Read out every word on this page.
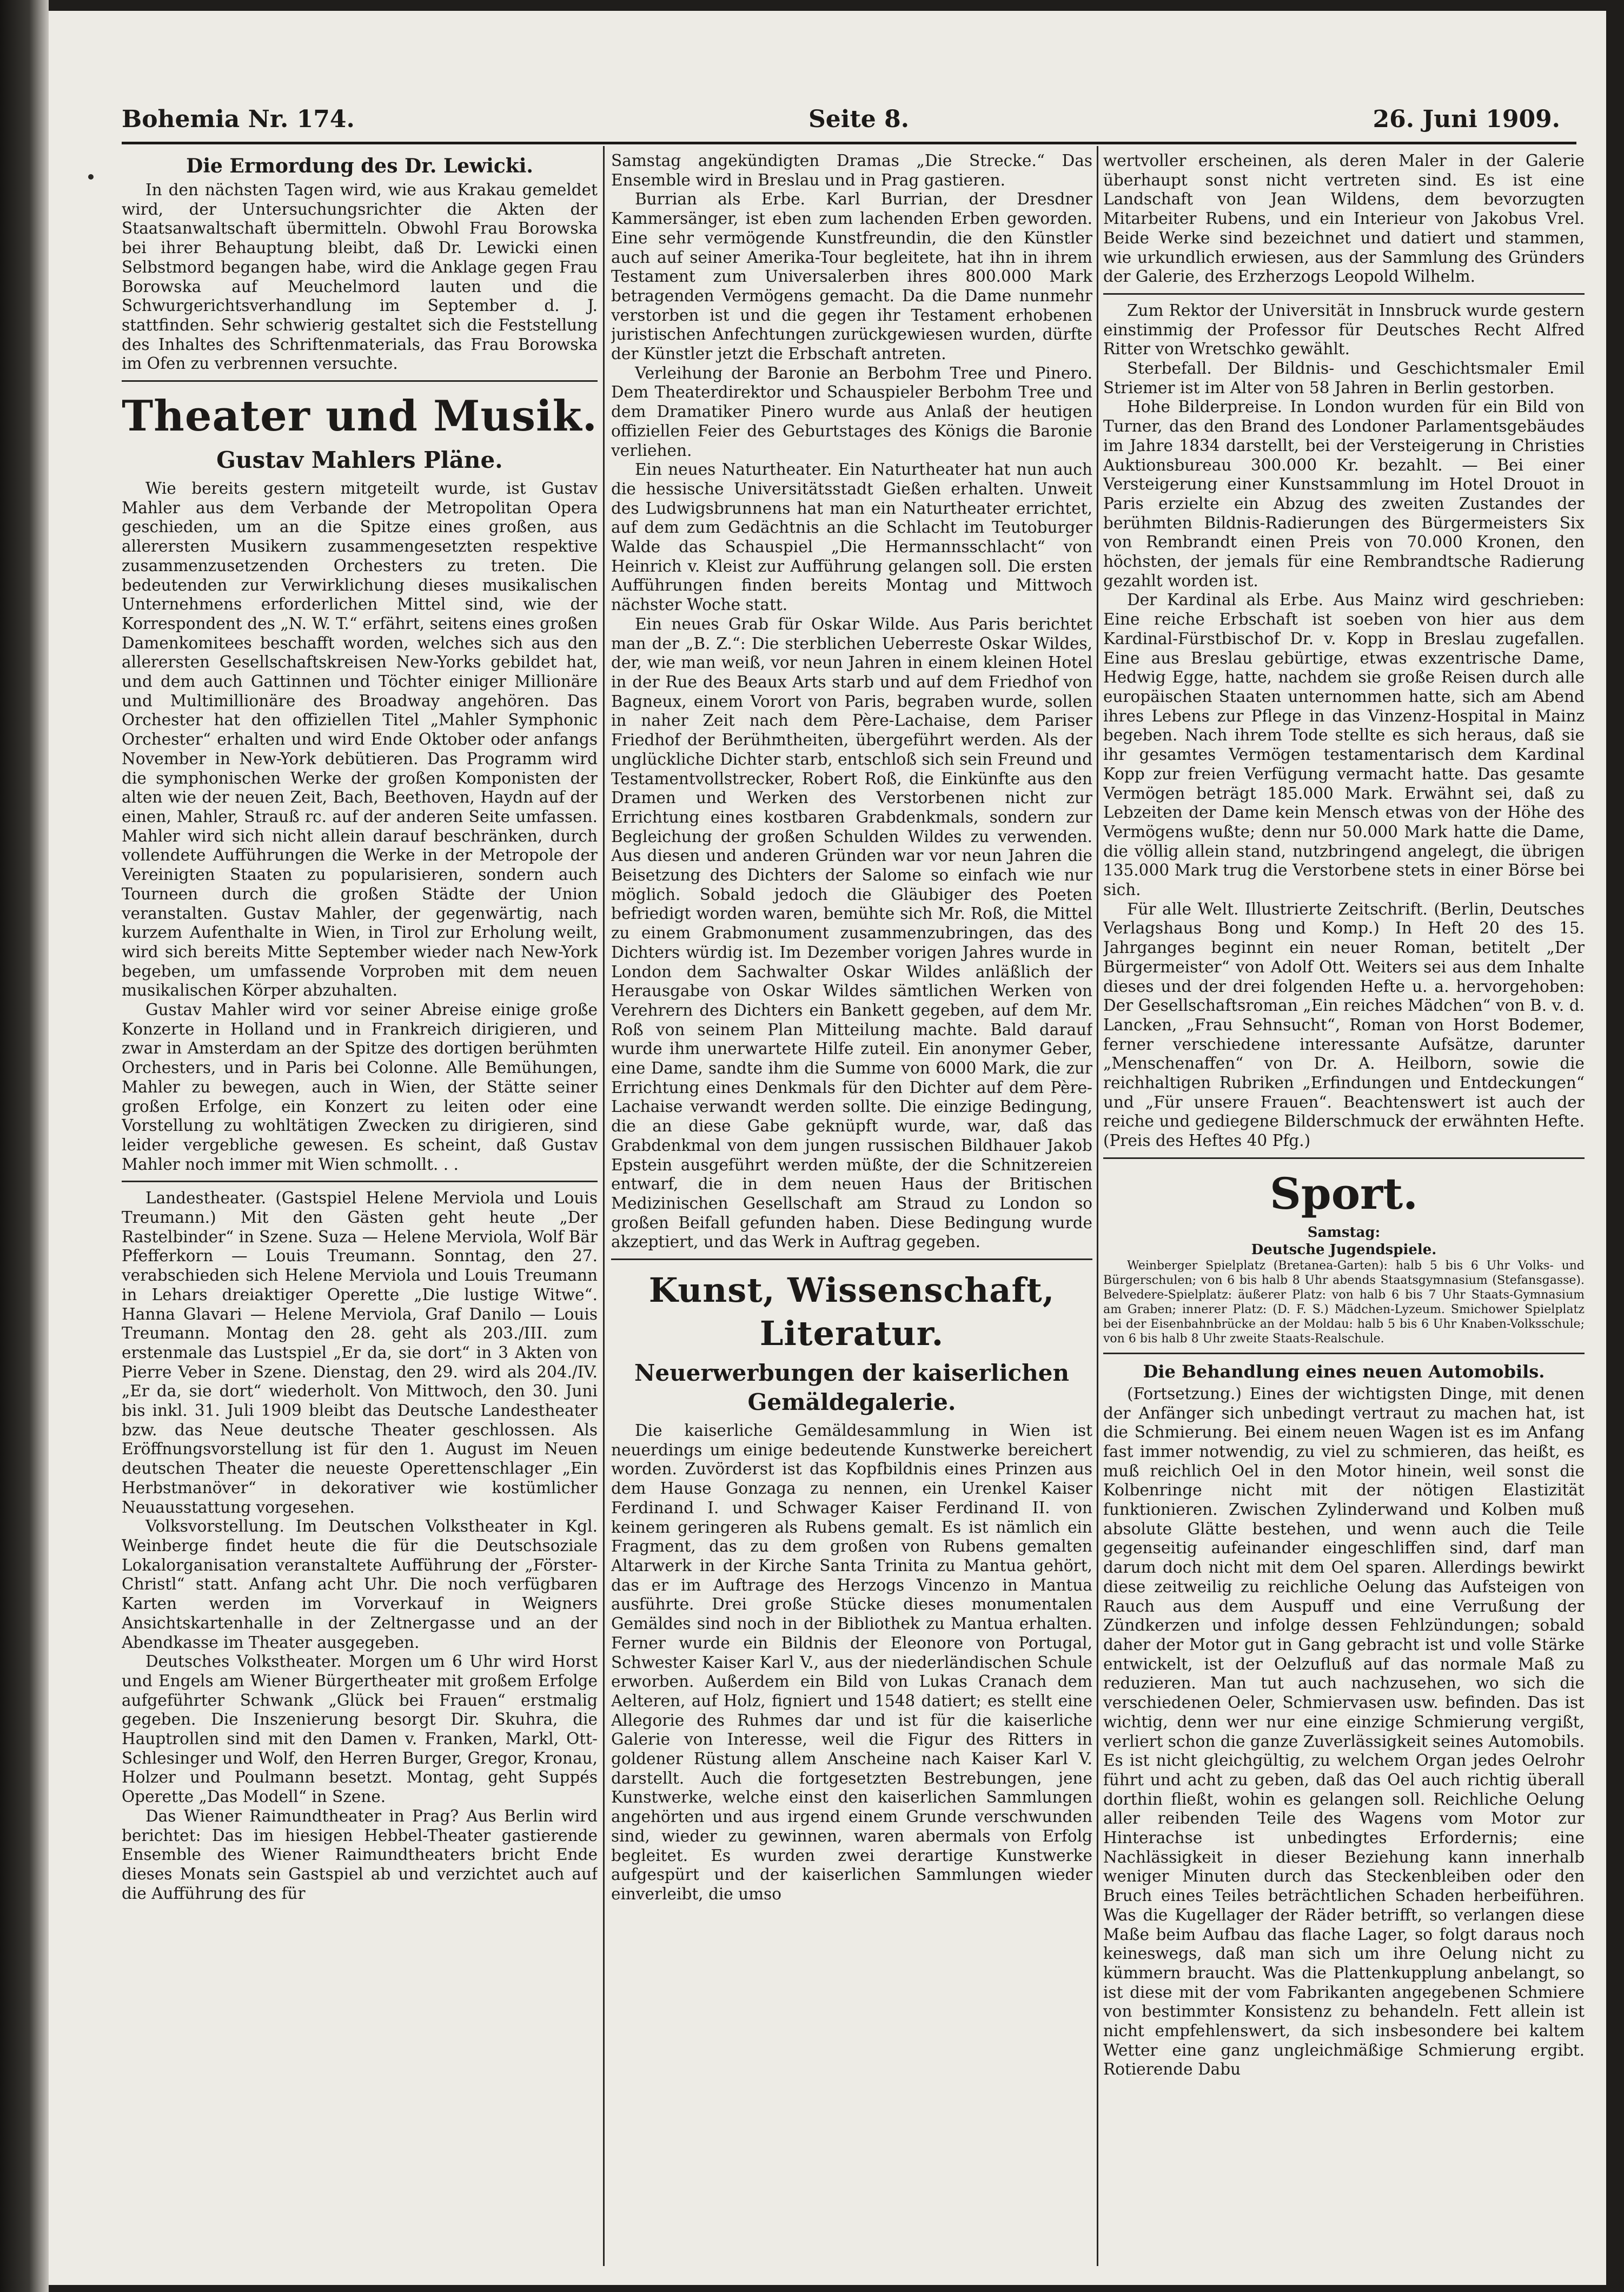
Bohemia Nr. 174.	Seite 8.	26. Juni 1909.
Die Ermordung des Dr. Lewicki.

In den nächsten Tagen wird, wie aus Krakau gemeldet wird, der Untersuchungsrichter die Akten der Staatsanwaltschaft übermitteln. Obwohl Frau Borowska bei ihrer Behauptung bleibt, daß Dr. Lewicki einen Selbstmord begangen habe, wird die Anklage gegen Frau Borowska auf Meuchelmord lauten und die Schwurgerichtsverhandlung im September d. J. stattfinden. Sehr schwierig gestaltet sich die Feststellung des Inhaltes des Schriftenmaterials, das Frau Borowska im Ofen zu verbrennen versuchte.

Theater und Musik.
Gustav Mahlers Pläne.

Wie bereits gestern mitgeteilt wurde, ist Gustav Mahler aus dem Verbande der Metropolitan Opera geschieden, um an die Spitze eines großen, aus allerersten Musikern zusammengesetzten respektive zusammenzusetzenden Orchesters zu treten. Die bedeutenden zur Verwirklichung dieses musikalischen Unternehmens erforderlichen Mittel sind, wie der Korrespondent des „N. W. T.“ erfährt, seitens eines großen Damenkomitees beschafft worden, welches sich aus den allerersten Gesellschaftskreisen New-Yorks gebildet hat, und dem auch Gattinnen und Töchter einiger Millionäre und Multimillionäre des Broadway angehören. Das Orchester hat den offiziellen Titel „Mahler Symphonic Orchester“ erhalten und wird Ende Oktober oder anfangs November in New-York debütieren. Das Programm wird die symphonischen Werke der großen Komponisten der alten wie der neuen Zeit, Bach, Beethoven, Haydn auf der einen, Mahler, Strauß rc. auf der anderen Seite umfassen. Mahler wird sich nicht allein darauf beschränken, durch vollendete Aufführungen die Werke in der Metropole der Vereinigten Staaten zu popularisieren, sondern auch Tourneen durch die großen Städte der Union veranstalten. Gustav Mahler, der gegenwärtig, nach kurzem Aufenthalte in Wien, in Tirol zur Erholung weilt, wird sich bereits Mitte September wieder nach New-York begeben, um umfassende Vorproben mit dem neuen musikalischen Körper abzuhalten.

Gustav Mahler wird vor seiner Abreise einige große Konzerte in Holland und in Frankreich dirigieren, und zwar in Amsterdam an der Spitze des dortigen berühmten Orchesters, und in Paris bei Colonne. Alle Bemühungen, Mahler zu bewegen, auch in Wien, der Stätte seiner großen Erfolge, ein Konzert zu leiten oder eine Vorstellung zu wohltätigen Zwecken zu dirigieren, sind leider vergebliche gewesen. Es scheint, daß Gustav Mahler noch immer mit Wien schmollt. . .

Landestheater. (Gastspiel Helene Merviola und Louis Treumann.) Mit den Gästen geht heute „Der Rastelbinder“ in Szene. Suza — Helene Merviola, Wolf Bär Pfefferkorn — Louis Treumann. Sonntag, den 27. verabschieden sich Helene Merviola und Louis Treumann in Lehars dreiaktiger Operette „Die lustige Witwe“. Hanna Glavari — Helene Merviola, Graf Danilo — Louis Treumann. Montag den 28. geht als 203./III. zum erstenmale das Lustspiel „Er da, sie dort“ in 3 Akten von Pierre Veber in Szene. Dienstag, den 29. wird als 204./IV. „Er da, sie dort“ wiederholt. Von Mittwoch, den 30. Juni bis inkl. 31. Juli 1909 bleibt das Deutsche Landestheater bzw. das Neue deutsche Theater geschlossen. Als Eröffnungsvorstellung ist für den 1. August im Neuen deutschen Theater die neueste Operettenschlager „Ein Herbstmanöver“ in dekorativer wie kostümlicher Neuausstattung vorgesehen.

Volksvorstellung. Im Deutschen Volkstheater in Kgl. Weinberge findet heute die für die Deutschsoziale Lokalorganisation veranstaltete Aufführung der „Förster-Christl“ statt. Anfang acht Uhr. Die noch verfügbaren Karten werden im Vorverkauf in Weigners Ansichtskartenhalle in der Zeltnergasse und an der Abendkasse im Theater ausgegeben.

Deutsches Volkstheater. Morgen um 6 Uhr wird Horst und Engels am Wiener Bürgertheater mit großem Erfolge aufgeführter Schwank „Glück bei Frauen“ erstmalig gegeben. Die Inszenierung besorgt Dir. Skuhra, die Hauptrollen sind mit den Damen v. Franken, Markl, Ott-Schlesinger und Wolf, den Herren Burger, Gregor, Kronau, Holzer und Poulmann besetzt. Montag, geht Suppés Operette „Das Modell“ in Szene.

Das Wiener Raimundtheater in Prag? Aus Berlin wird berichtet: Das im hiesigen Hebbel-Theater gastierende Ensemble des Wiener Raimundtheaters bricht Ende dieses Monats sein Gastspiel ab und verzichtet auch auf die Aufführung des für

Samstag angekündigten Dramas „Die Strecke.“ Das Ensemble wird in Breslau und in Prag gastieren.

Burrian als Erbe. Karl Burrian, der Dresdner Kammersänger, ist eben zum lachenden Erben geworden. Eine sehr vermögende Kunstfreundin, die den Künstler auch auf seiner Amerika-Tour begleitete, hat ihn in ihrem Testament zum Universalerben ihres 800.000 Mark betragenden Vermögens gemacht. Da die Dame nunmehr verstorben ist und die gegen ihr Testament erhobenen juristischen Anfechtungen zurückgewiesen wurden, dürfte der Künstler jetzt die Erbschaft antreten.

Verleihung der Baronie an Berbohm Tree und Pinero. Dem Theaterdirektor und Schauspieler Berbohm Tree und dem Dramatiker Pinero wurde aus Anlaß der heutigen offiziellen Feier des Geburtstages des Königs die Baronie verliehen.

Ein neues Naturtheater. Ein Naturtheater hat nun auch die hessische Universitätsstadt Gießen erhalten. Unweit des Ludwigsbrunnens hat man ein Naturtheater errichtet, auf dem zum Gedächtnis an die Schlacht im Teutoburger Walde das Schauspiel „Die Hermannsschlacht“ von Heinrich v. Kleist zur Aufführung gelangen soll. Die ersten Aufführungen finden bereits Montag und Mittwoch nächster Woche statt.

Ein neues Grab für Oskar Wilde. Aus Paris berichtet man der „B. Z.“: Die sterblichen Ueberreste Oskar Wildes, der, wie man weiß, vor neun Jahren in einem kleinen Hotel in der Rue des Beaux Arts starb und auf dem Friedhof von Bagneux, einem Vorort von Paris, begraben wurde, sollen in naher Zeit nach dem Père-Lachaise, dem Pariser Friedhof der Berühmtheiten, übergeführt werden. Als der unglückliche Dichter starb, entschloß sich sein Freund und Testamentvollstrecker, Robert Roß, die Einkünfte aus den Dramen und Werken des Verstorbenen nicht zur Errichtung eines kostbaren Grabdenkmals, sondern zur Begleichung der großen Schulden Wildes zu verwenden. Aus diesen und anderen Gründen war vor neun Jahren die Beisetzung des Dichters der Salome so einfach wie nur möglich. Sobald jedoch die Gläubiger des Poeten befriedigt worden waren, bemühte sich Mr. Roß, die Mittel zu einem Grabmonument zusammenzubringen, das des Dichters würdig ist. Im Dezember vorigen Jahres wurde in London dem Sachwalter Oskar Wildes anläßlich der Herausgabe von Oskar Wildes sämtlichen Werken von Verehrern des Dichters ein Bankett gegeben, auf dem Mr. Roß von seinem Plan Mitteilung machte. Bald darauf wurde ihm unerwartete Hilfe zuteil. Ein anonymer Geber, eine Dame, sandte ihm die Summe von 6000 Mark, die zur Errichtung eines Denkmals für den Dichter auf dem Père-Lachaise verwandt werden sollte. Die einzige Bedingung, die an diese Gabe geknüpft wurde, war, daß das Grabdenkmal von dem jungen russischen Bildhauer Jakob Epstein ausgeführt werden müßte, der die Schnitzereien entwarf, die in dem neuen Haus der Britischen Medizinischen Gesellschaft am Straud zu London so großen Beifall gefunden haben. Diese Bedingung wurde akzeptiert, und das Werk in Auftrag gegeben.

Kunst, Wissenschaft, Literatur.
Neuerwerbungen der kaiserlichen Gemäldegalerie.

Die kaiserliche Gemäldesammlung in Wien ist neuerdings um einige bedeutende Kunstwerke bereichert worden. Zuvörderst ist das Kopfbildnis eines Prinzen aus dem Hause Gonzaga zu nennen, ein Urenkel Kaiser Ferdinand I. und Schwager Kaiser Ferdinand II. von keinem geringeren als Rubens gemalt. Es ist nämlich ein Fragment, das zu dem großen von Rubens gemalten Altarwerk in der Kirche Santa Trinita zu Mantua gehört, das er im Auftrage des Herzogs Vincenzo in Mantua ausführte. Drei große Stücke dieses monumentalen Gemäldes sind noch in der Bibliothek zu Mantua erhalten. Ferner wurde ein Bildnis der Eleonore von Portugal, Schwester Kaiser Karl V., aus der niederländischen Schule erworben. Außerdem ein Bild von Lukas Cranach dem Aelteren, auf Holz, figniert und 1548 datiert; es stellt eine Allegorie des Ruhmes dar und ist für die kaiserliche Galerie von Interesse, weil die Figur des Ritters in goldener Rüstung allem Anscheine nach Kaiser Karl V. darstellt. Auch die fortgesetzten Bestrebungen, jene Kunstwerke, welche einst den kaiserlichen Sammlungen angehörten und aus irgend einem Grunde verschwunden sind, wieder zu gewinnen, waren abermals von Erfolg begleitet. Es wurden zwei derartige Kunstwerke aufgespürt und der kaiserlichen Sammlungen wieder einverleibt, die umso

wertvoller erscheinen, als deren Maler in der Galerie überhaupt sonst nicht vertreten sind. Es ist eine Landschaft von Jean Wildens, dem bevorzugten Mitarbeiter Rubens, und ein Interieur von Jakobus Vrel. Beide Werke sind bezeichnet und datiert und stammen, wie urkundlich erwiesen, aus der Sammlung des Gründers der Galerie, des Erzherzogs Leopold Wilhelm.

Zum Rektor der Universität in Innsbruck wurde gestern einstimmig der Professor für Deutsches Recht Alfred Ritter von Wretschko gewählt.

Sterbefall. Der Bildnis- und Geschichtsmaler Emil Striemer ist im Alter von 58 Jahren in Berlin gestorben.

Hohe Bilderpreise. In London wurden für ein Bild von Turner, das den Brand des Londoner Parlamentsgebäudes im Jahre 1834 darstellt, bei der Versteigerung in Christies Auktionsbureau 300.000 Kr. bezahlt. — Bei einer Versteigerung einer Kunstsammlung im Hotel Drouot in Paris erzielte ein Abzug des zweiten Zustandes der berühmten Bildnis-Radierungen des Bürgermeisters Six von Rembrandt einen Preis von 70.000 Kronen, den höchsten, der jemals für eine Rembrandtsche Radierung gezahlt worden ist.

Der Kardinal als Erbe. Aus Mainz wird geschrieben: Eine reiche Erbschaft ist soeben von hier aus dem Kardinal-Fürstbischof Dr. v. Kopp in Breslau zugefallen. Eine aus Breslau gebürtige, etwas exzentrische Dame, Hedwig Egge, hatte, nachdem sie große Reisen durch alle europäischen Staaten unternommen hatte, sich am Abend ihres Lebens zur Pflege in das Vinzenz-Hospital in Mainz begeben. Nach ihrem Tode stellte es sich heraus, daß sie ihr gesamtes Vermögen testamentarisch dem Kardinal Kopp zur freien Verfügung vermacht hatte. Das gesamte Vermögen beträgt 185.000 Mark. Erwähnt sei, daß zu Lebzeiten der Dame kein Mensch etwas von der Höhe des Vermögens wußte; denn nur 50.000 Mark hatte die Dame, die völlig allein stand, nutzbringend angelegt, die übrigen 135.000 Mark trug die Verstorbene stets in einer Börse bei sich.

Für alle Welt. Illustrierte Zeitschrift. (Berlin, Deutsches Verlagshaus Bong und Komp.) In Heft 20 des 15. Jahrganges beginnt ein neuer Roman, betitelt „Der Bürgermeister“ von Adolf Ott. Weiters sei aus dem Inhalte dieses und der drei folgenden Hefte u. a. hervorgehoben: Der Gesellschaftsroman „Ein reiches Mädchen“ von B. v. d. Lancken, „Frau Sehnsucht“, Roman von Horst Bodemer, ferner verschiedene interessante Aufsätze, darunter „Menschenaffen“ von Dr. A. Heilborn, sowie die reichhaltigen Rubriken „Erfindungen und Entdeckungen“ und „Für unsere Frauen“. Beachtenswert ist auch der reiche und gediegene Bilderschmuck der erwähnten Hefte. (Preis des Heftes 40 Pfg.)

Sport.
Samstag:
Deutsche Jugendspiele.

Weinberger Spielplatz (Bretanea-Garten): halb 5 bis 6 Uhr Volks- und Bürgerschulen; von 6 bis halb 8 Uhr abends Staatsgymnasium (Stefansgasse). Belvedere-Spielplatz: äußerer Platz: von halb 6 bis 7 Uhr Staats-Gymnasium am Graben; innerer Platz: (D. F. S.) Mädchen-Lyzeum. Smichower Spielplatz bei der Eisenbahnbrücke an der Moldau: halb 5 bis 6 Uhr Knaben-Volksschule; von 6 bis halb 8 Uhr zweite Staats-Realschule.

Die Behandlung eines neuen Automobils.

(Fortsetzung.) Eines der wichtigsten Dinge, mit denen der Anfänger sich unbedingt vertraut zu machen hat, ist die Schmierung. Bei einem neuen Wagen ist es im Anfang fast immer notwendig, zu viel zu schmieren, das heißt, es muß reichlich Oel in den Motor hinein, weil sonst die Kolbenringe nicht mit der nötigen Elastizität funktionieren. Zwischen Zylinderwand und Kolben muß absolute Glätte bestehen, und wenn auch die Teile gegenseitig aufeinander eingeschliffen sind, darf man darum doch nicht mit dem Oel sparen. Allerdings bewirkt diese zeitweilig zu reichliche Oelung das Aufsteigen von Rauch aus dem Auspuff und eine Verrußung der Zündkerzen und infolge dessen Fehlzündungen; sobald daher der Motor gut in Gang gebracht ist und volle Stärke entwickelt, ist der Oelzufluß auf das normale Maß zu reduzieren. Man tut auch nachzusehen, wo sich die verschiedenen Oeler, Schmiervasen usw. befinden. Das ist wichtig, denn wer nur eine einzige Schmierung vergißt, verliert schon die ganze Zuverlässigkeit seines Automobils. Es ist nicht gleichgültig, zu welchem Organ jedes Oelrohr führt und acht zu geben, daß das Oel auch richtig überall dorthin fließt, wohin es gelangen soll. Reichliche Oelung aller reibenden Teile des Wagens vom Motor zur Hinterachse ist unbedingtes Erfordernis; eine Nachlässigkeit in dieser Beziehung kann innerhalb weniger Minuten durch das Steckenbleiben oder den Bruch eines Teiles beträchtlichen Schaden herbeiführen. Was die Kugellager der Räder betrifft, so verlangen diese Maße beim Aufbau das flache Lager, so folgt daraus noch keineswegs, daß man sich um ihre Oelung nicht zu kümmern braucht. Was die Plattenkupplung anbelangt, so ist diese mit der vom Fabrikanten angegebenen Schmiere von bestimmter Konsistenz zu behandeln. Fett allein ist nicht empfehlenswert, da sich insbesondere bei kaltem Wetter eine ganz ungleichmäßige Schmierung ergibt. Rotierende Dabu
